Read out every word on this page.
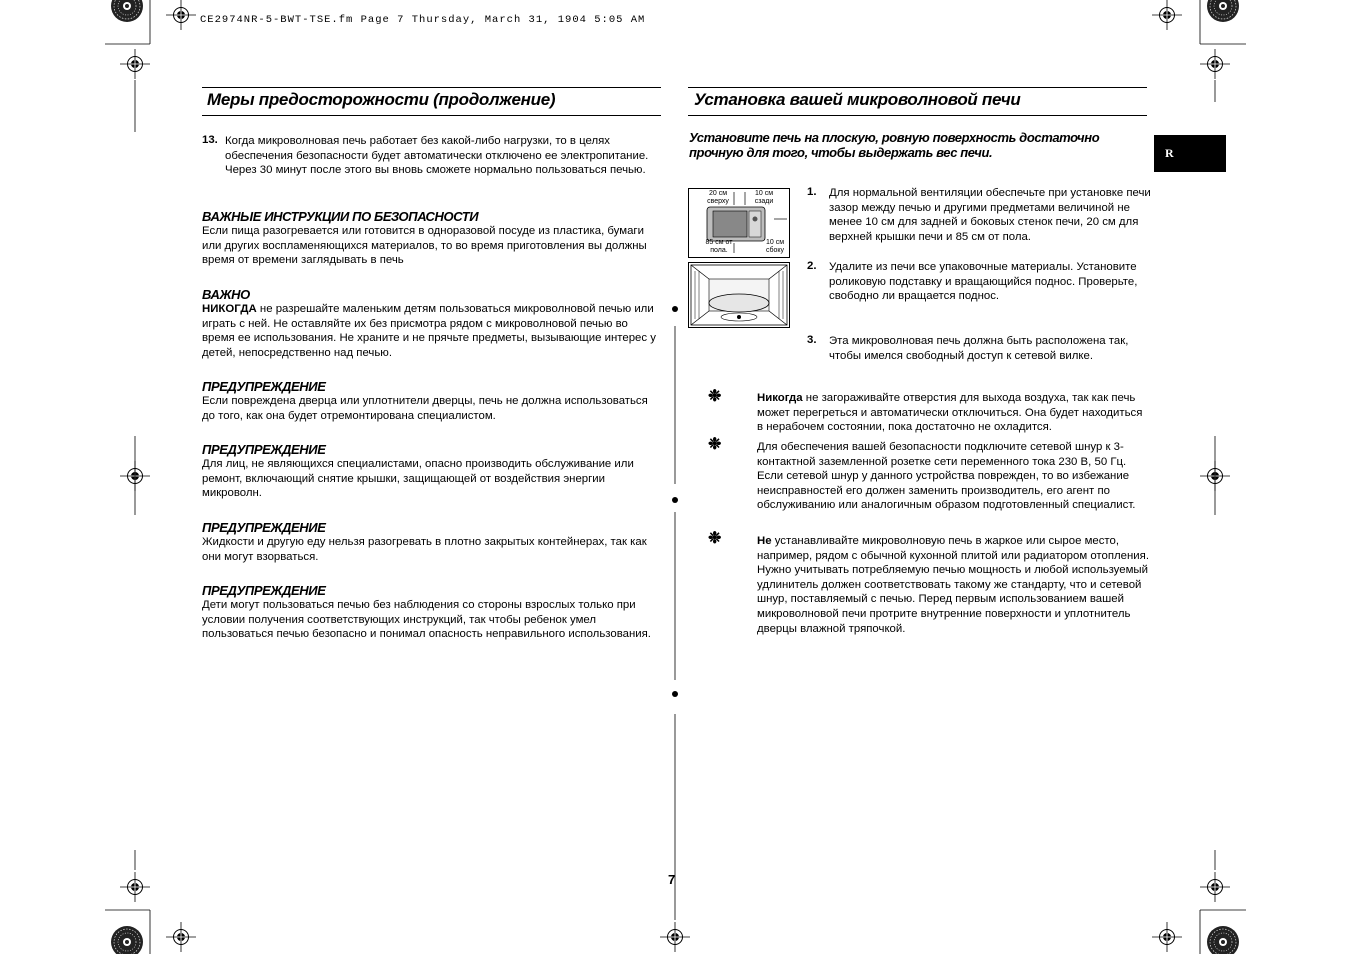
CE2974NR-5-BWT-TSE.fm Page 7 Thursday, March 31, 1904 5:05 AM
R
Меры предосторожности (продолжение)
13. Когда микроволновая печь работает без какой-либо нагрузки, то в целях обеспечения безопасности будет автоматически отключено ее электропитание. Через 30 минут после этого вы вновь сможете нормально пользоваться печью.

ВАЖНЫЕ ИНСТРУКЦИИ ПО БЕЗОПАСНОСТИ

Если пища разогревается или готовится в одноразовой посуде из пластика, бумаги или других воспламеняющихся материалов, то во время приготовления вы должны время от времени заглядывать в печь

ВАЖНО

НИКОГДА не разрешайте маленьким детям пользоваться микроволновой печью или играть с ней. Не оставляйте их без присмотра рядом с микроволновой печью во время ее использования. Не храните и не прячьте предметы, вызывающие интерес у детей, непосредственно над печью.

ПРЕДУПРЕЖДЕНИЕ

Если повреждена дверца или уплотнители дверцы, печь не должна использоваться до того, как она будет отремонтирована специалистом.

ПРЕДУПРЕЖДЕНИЕ

Для лиц, не являющихся специалистами, опасно производить обслуживание или ремонт, включающий снятие крышки, защищающей от воздействия энергии микроволн.

ПРЕДУПРЕЖДЕНИЕ

Жидкости и другую еду нельзя разогревать в плотно закрытых контейнерах, так как они могут взорваться.

ПРЕДУПРЕЖДЕНИЕ

Дети могут пользоваться печью без наблюдения со стороны взрослых только при условии получения соответствующих инструкций, так чтобы ребенок умел пользоваться печью безопасно и понимал опасность неправильного использования.
Установка вашей микроволновой печи
Установите печь на плоскую, ровную поверхность достаточно прочную для того, чтобы выдержать вес печи.
20 см сверху
10 см сзади
85 см от пола.
10 см сбоку
1. Для нормальной вентиляции обеспечьте при установке печи зазор между печью и другими предметами величиной не менее 10 см для задней и боковых стенок печи, 20 см для верхней крышки печи и 85 см от пола.
2. Удалите из печи все упаковочные материалы. Установите роликовую подставку и вращающийся поднос. Проверьте, свободно ли вращается поднос.
3. Эта микроволновая печь должна быть расположена так, чтобы имелся свободный доступ к сетевой вилке.
❉	Никогда не загораживайте отверстия для выхода воздуха, так как печь может перегреться и автоматически отключиться. Она будет находиться в нерабочем состоянии, пока достаточно не охладится.
❉	Для обеспечения вашей безопасности подключите сетевой шнур к 3-контактной заземленной розетке сети переменного тока 230 В, 50 Гц. Если сетевой шнур у данного устройства поврежден, то во избежание неисправностей его должен заменить производитель, его агент по обслуживанию или аналогичным образом подготовленный специалист.
❉	Не устанавливайте микроволновую печь в жаркое или сырое место, например, рядом с обычной кухонной плитой или радиатором отопления. Нужно учитывать потребляемую печью мощность и любой используемый удлинитель должен соответствовать такому же стандарту, что и сетевой шнур, поставляемый с печью. Перед первым использованием вашей микроволновой печи протрите внутренние поверхности и уплотнитель дверцы влажной тряпочкой.
7
